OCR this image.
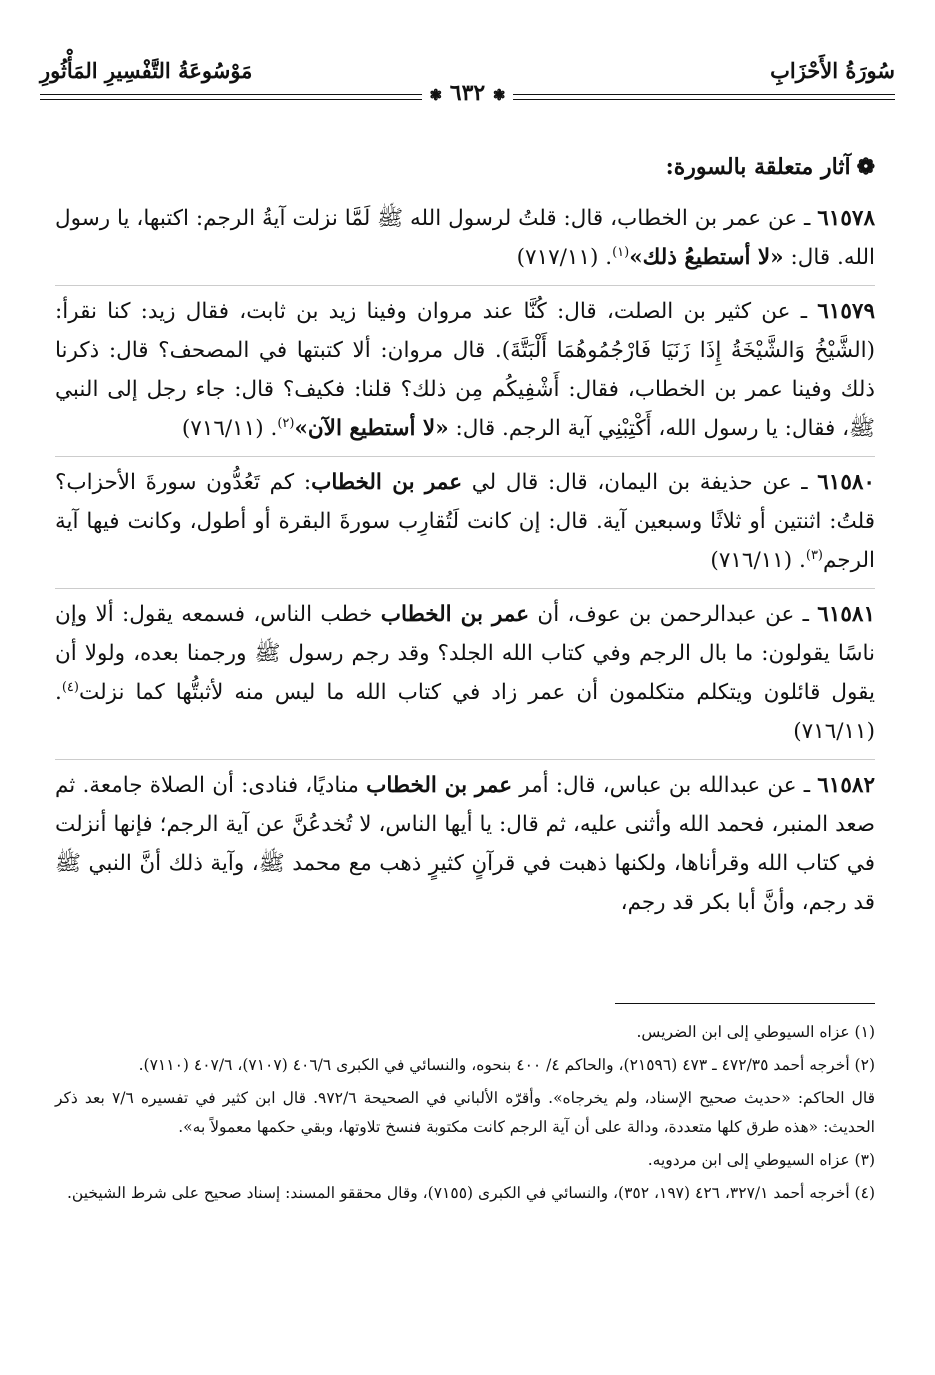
سُورَةُ الأَحْزَابِ
مَوْسُوعَةُ التَّفْسِيرِ المَأْثُورِ
❃ ٦٣٢ ❃
❁آثار متعلقة بالسورة:

٦١٥٧٨ ـ عن عمر بن الخطاب، قال: قلتُ لرسول الله ﷺ لَمَّا نزلت آيةُ الرجم: اكتبها، يا رسول الله. قال: «لا أستطيعُ ذلك»$^{(١)}$. (٧١٧/١١)

٦١٥٧٩ ـ عن كثير بن الصلت، قال: كُنَّا عند مروان وفينا زيد بن ثابت، فقال زيد: كنا نقرأ: (الشَّيْخُ وَالشَّيْخَةُ إِذَا زَنَيَا فَارْجُمُوهُمَا أَلْبَتَّةَ). قال مروان: ألا كتبتها في المصحف؟ قال: ذكرنا ذلك وفينا عمر بن الخطاب، فقال: أَشْفِيكُم مِن ذلك؟ قلنا: فكيف؟ قال: جاء رجل إلى النبي ﷺ، فقال: يا رسول الله، أَكْتِبْنِي آية الرجم. قال: «لا أستطيع الآن»$^{(٢)}$. (٧١٦/١١)

٦١٥٨٠ ـ عن حذيفة بن اليمان، قال: قال لي عمر بن الخطاب: كم تَعُدُّون سورةَ الأحزاب؟ قلتُ: اثنتين أو ثلاثًا وسبعين آية. قال: إن كانت لَتُقارِب سورةَ البقرة أو أطول، وكانت فيها آية الرجم$^{(٣)}$. (٧١٦/١١)

٦١٥٨١ ـ عن عبدالرحمن بن عوف، أن عمر بن الخطاب خطب الناس، فسمعه يقول: ألا وإن ناسًا يقولون: ما بال الرجم وفي كتاب الله الجلد؟ وقد رجم رسول ﷺ ورجمنا بعده، ولولا أن يقول قائلون ويتكلم متكلمون أن عمر زاد في كتاب الله ما ليس منه لأثبتُّها كما نزلت$^{(٤)}$. (٧١٦/١١)

٦١٥٨٢ ـ عن عبدالله بن عباس، قال: أمر عمر بن الخطاب مناديًا، فنادى: أن الصلاة جامعة. ثم صعد المنبر، فحمد الله وأثنى عليه، ثم قال: يا أيها الناس، لا تُخدعُنَّ عن آية الرجم؛ فإنها أنزلت في كتاب الله وقرأناها، ولكنها ذهبت في قرآنٍ كثيرٍ ذهب مع محمد ﷺ، وآية ذلك أنَّ النبي ﷺ قد رجم، وأنَّ أبا بكر قد رجم،

(١) عزاه السيوطي إلى ابن الضريس.

(٢) أخرجه أحمد ٤٧٢/٣٥ ـ ٤٧٣ (٢١٥٩٦)، والحاكم ٤/ ٤٠٠ بنحوه، والنسائي في الكبرى ٤٠٦/٦ (٧١٠٧)، ٤٠٧/٦ (٧١١٠).

قال الحاكم: «حديث صحيح الإسناد، ولم يخرجاه». وأقرّه الألباني في الصحيحة ٩٧٢/٦. قال ابن كثير في تفسيره ٧/٦ بعد ذكر الحديث: «هذه طرق كلها متعددة، ودالة على أن آية الرجم كانت مكتوبة فنسخ تلاوتها، وبقي حكمها معمولاً به».

(٣) عزاه السيوطي إلى ابن مردويه.

(٤) أخرجه أحمد ٣٢٧/١، ٤٢٦ (١٩٧، ٣٥٢)، والنسائي في الكبرى (٧١٥٥)، وقال محققو المسند: إسناد صحيح على شرط الشيخين.
